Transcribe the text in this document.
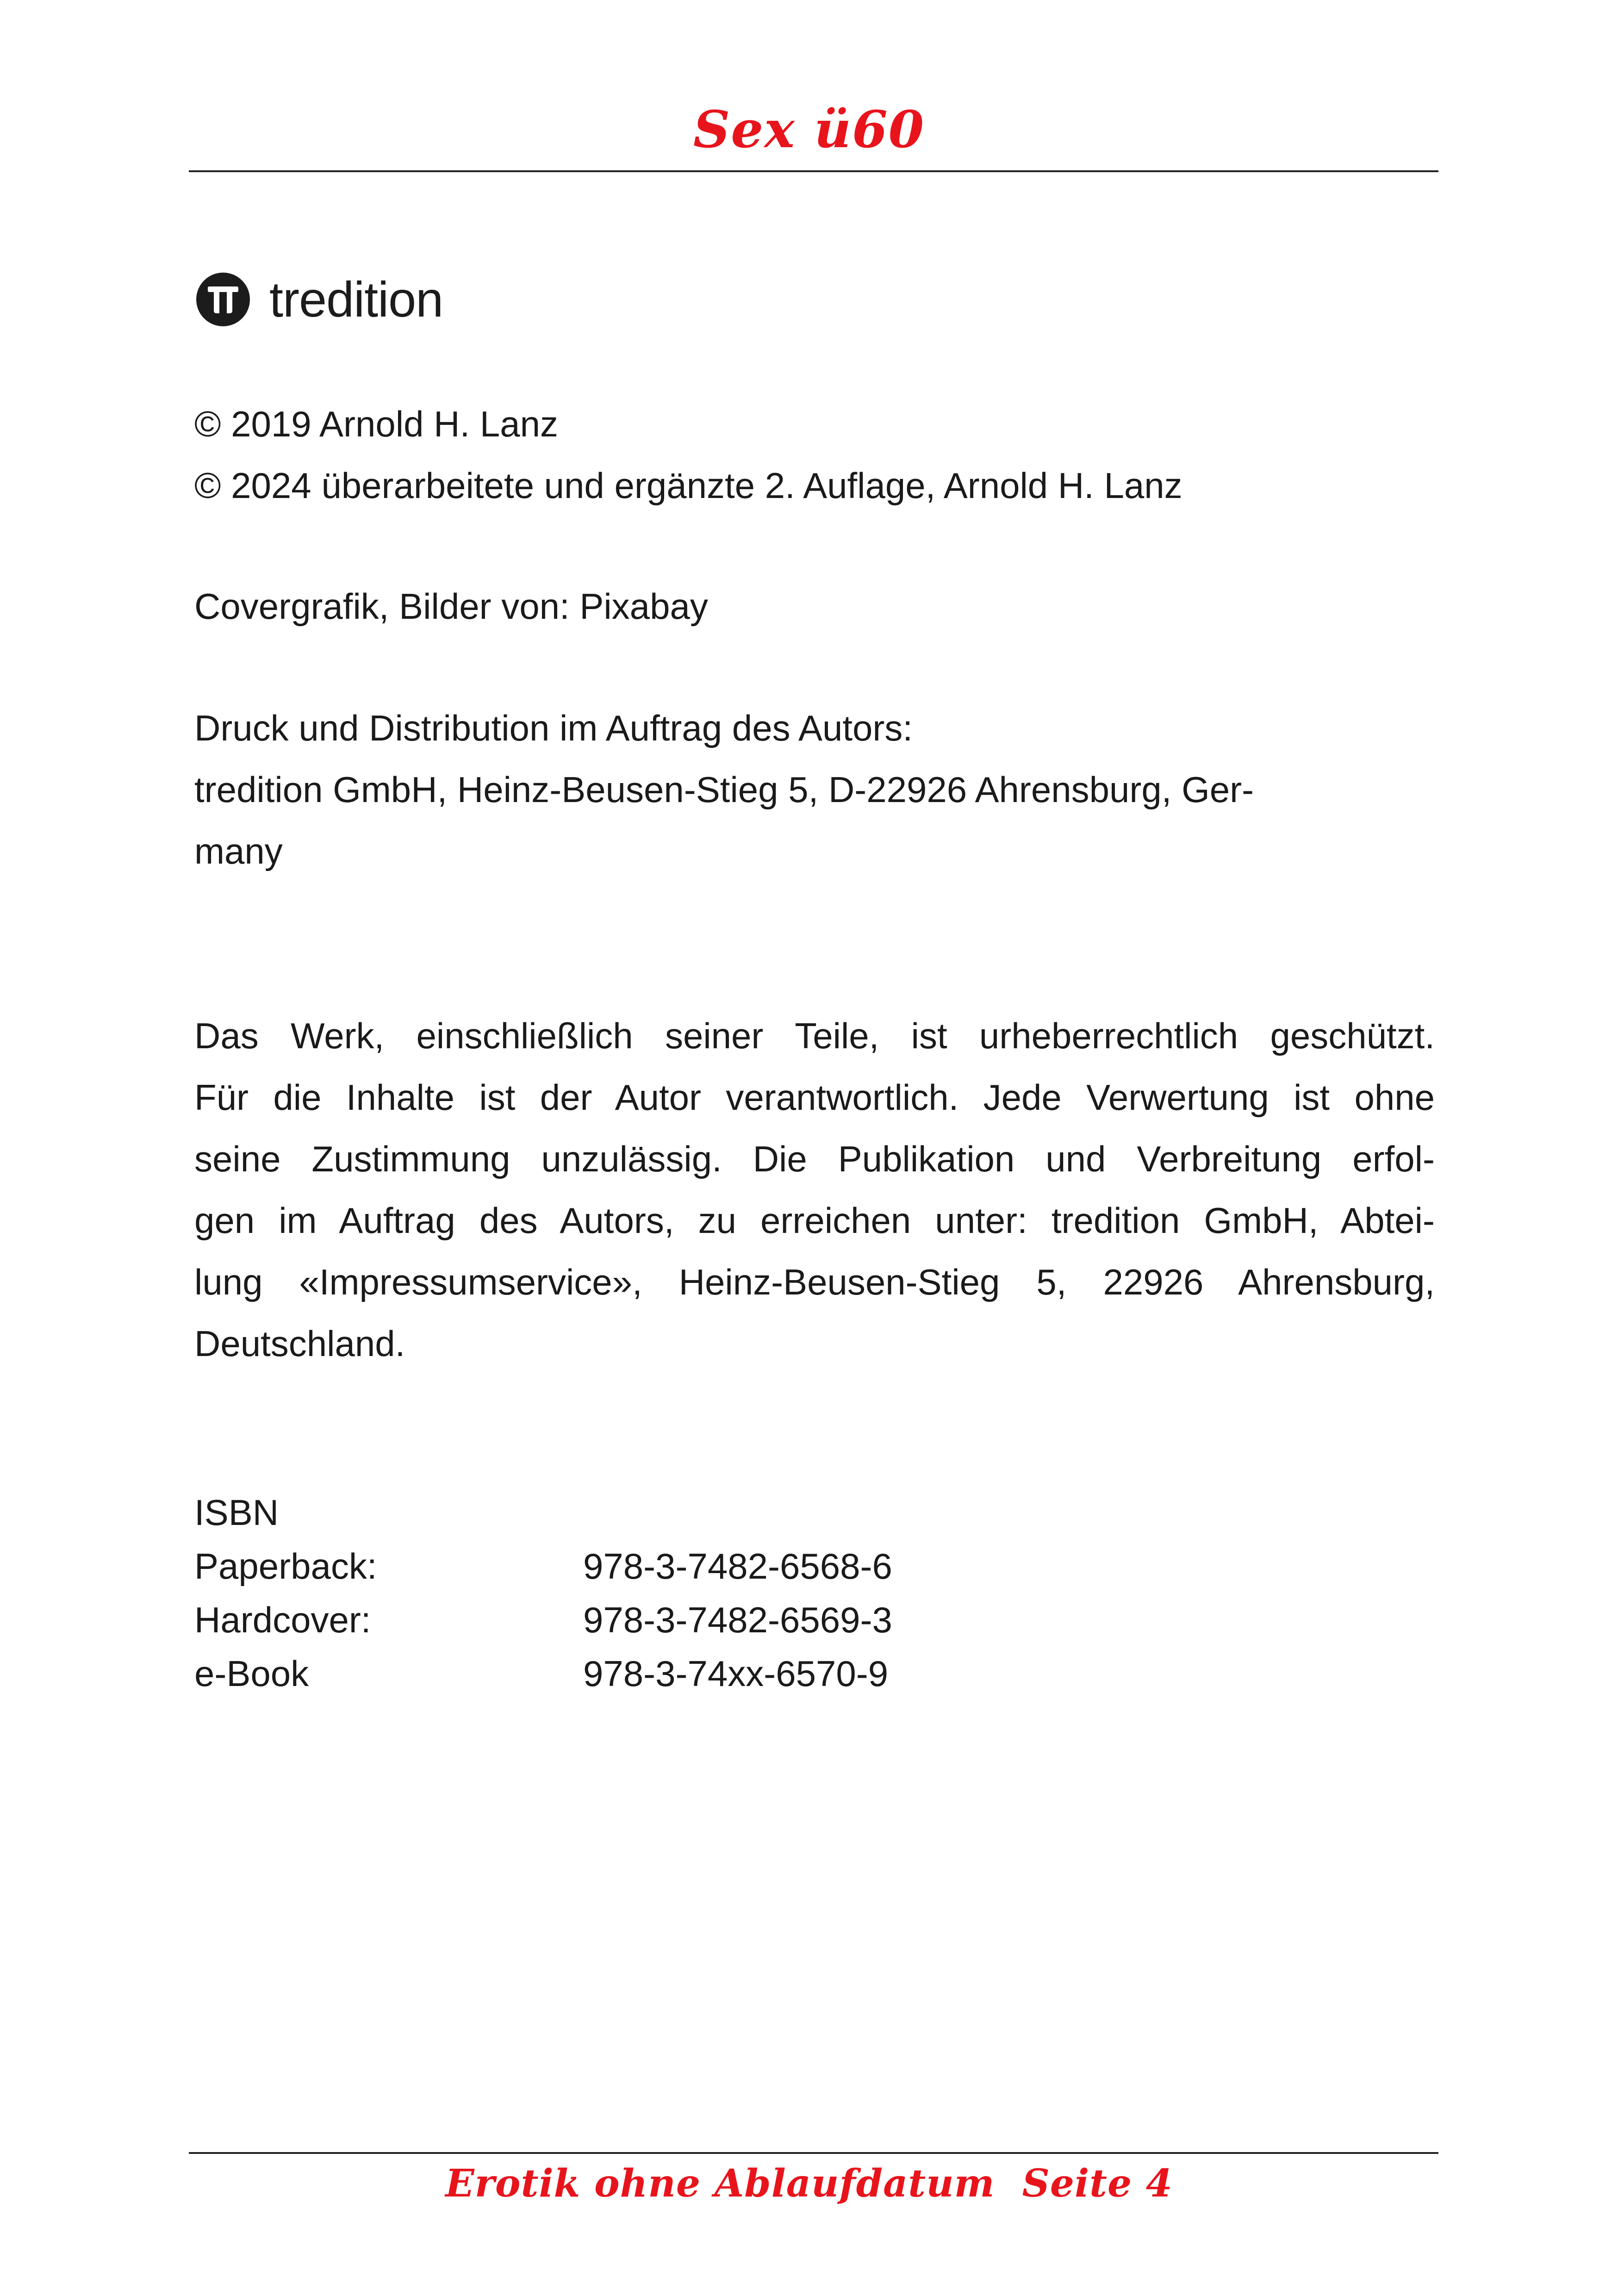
Sex ü60
tredition
© 2019 Arnold H. Lanz
© 2024 überarbeitete und ergänzte 2. Auflage, Arnold H. Lanz
Covergrafik, Bilder von: Pixabay
Druck und Distribution im Auftrag des Autors:
tredition GmbH, Heinz-Beusen-Stieg 5, D-22926 Ahrensburg, Ger-
many
Das Werk, einschließlich seiner Teile, ist urheberrechtlich geschützt.
Für die Inhalte ist der Autor verantwortlich. Jede Verwertung ist ohne
seine Zustimmung unzulässig. Die Publikation und Verbreitung erfol-
gen im Auftrag des Autors, zu erreichen unter: tredition GmbH, Abtei-
lung «Impressumservice», Heinz-Beusen-Stieg 5, 22926 Ahrensburg,
Deutschland.
ISBN
Paperback:	978-3-7482-6568-6
Hardcover:	978-3-7482-6569-3
e-Book	978-3-74xx-6570-9
Erotik ohne Ablaufdatum  Seite 4
